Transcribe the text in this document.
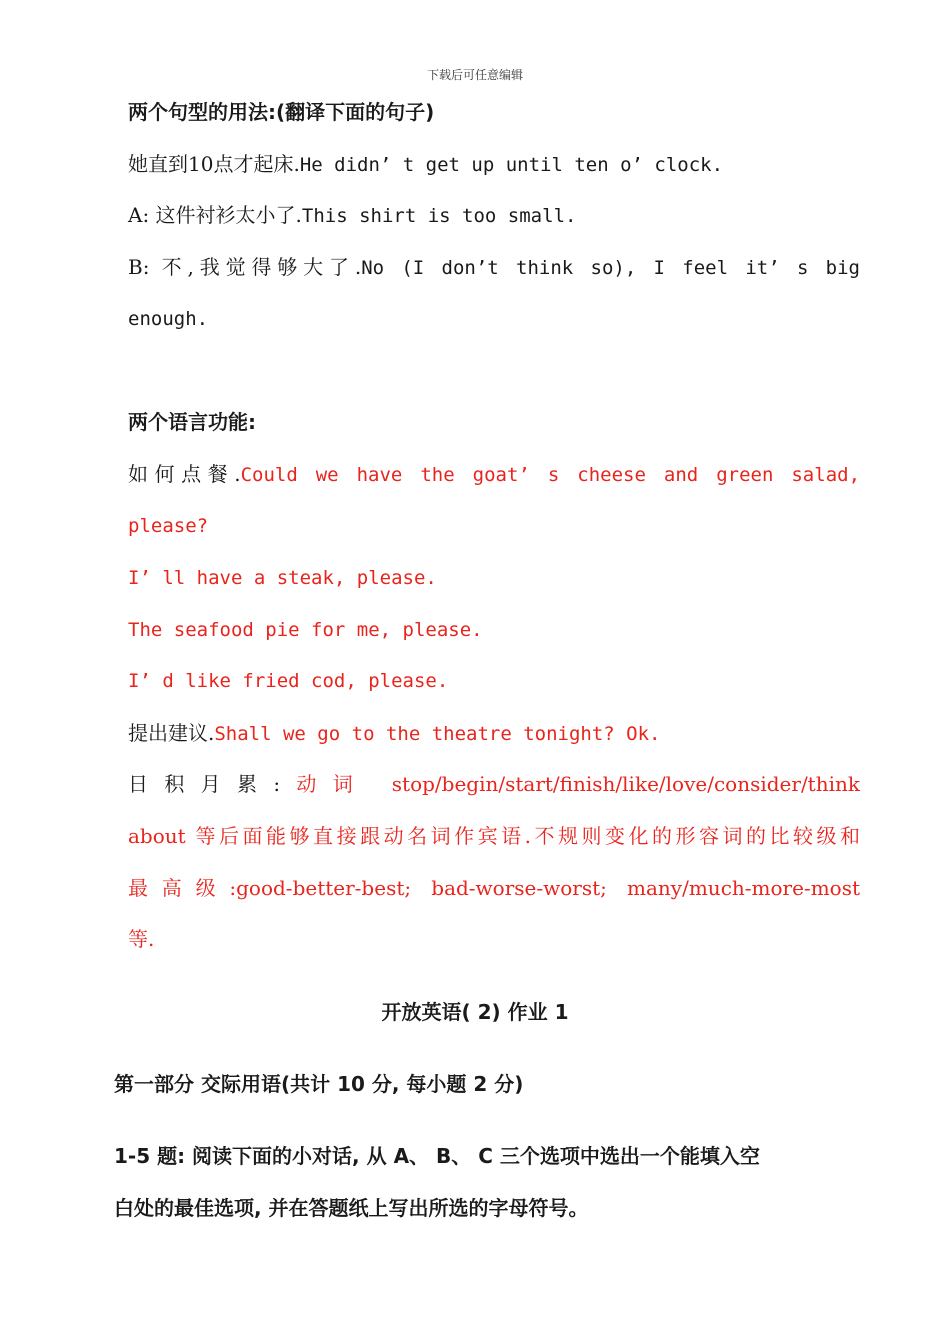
下载后可任意编辑
两个句型的用法:(翻译下面的句子)
她直到10点才起床.He didn’ t get up until ten o’ clock.
A: 这件衬衫太小了.This shirt is too small.
B: 不,我觉得够大了.No (I don’t think so), I feel it’ s big
enough.
两个语言功能:
如何点餐.Could we have the goat’ s cheese and green salad,
please?
I’ ll have a steak, please.
The seafood pie for me, please.
I’ d like fried cod, please.
提出建议.Shall we go to the theatre tonight? Ok.
日积月累:动词 stop/begin/start/finish/like/love/consider/think
about 等后面能够直接跟动名词作宾语.不规则变化的形容词的比较级和
最高级:good-better-best; bad-worse-worst; many/much-more-most
等.
开放英语( 2) 作业 1
第一部分 交际用语(共计 10 分, 每小题 2 分)
1-5 题: 阅读下面的小对话, 从 A、 B、 C 三个选项中选出一个能填入空
白处的最佳选项, 并在答题纸上写出所选的字母符号。
